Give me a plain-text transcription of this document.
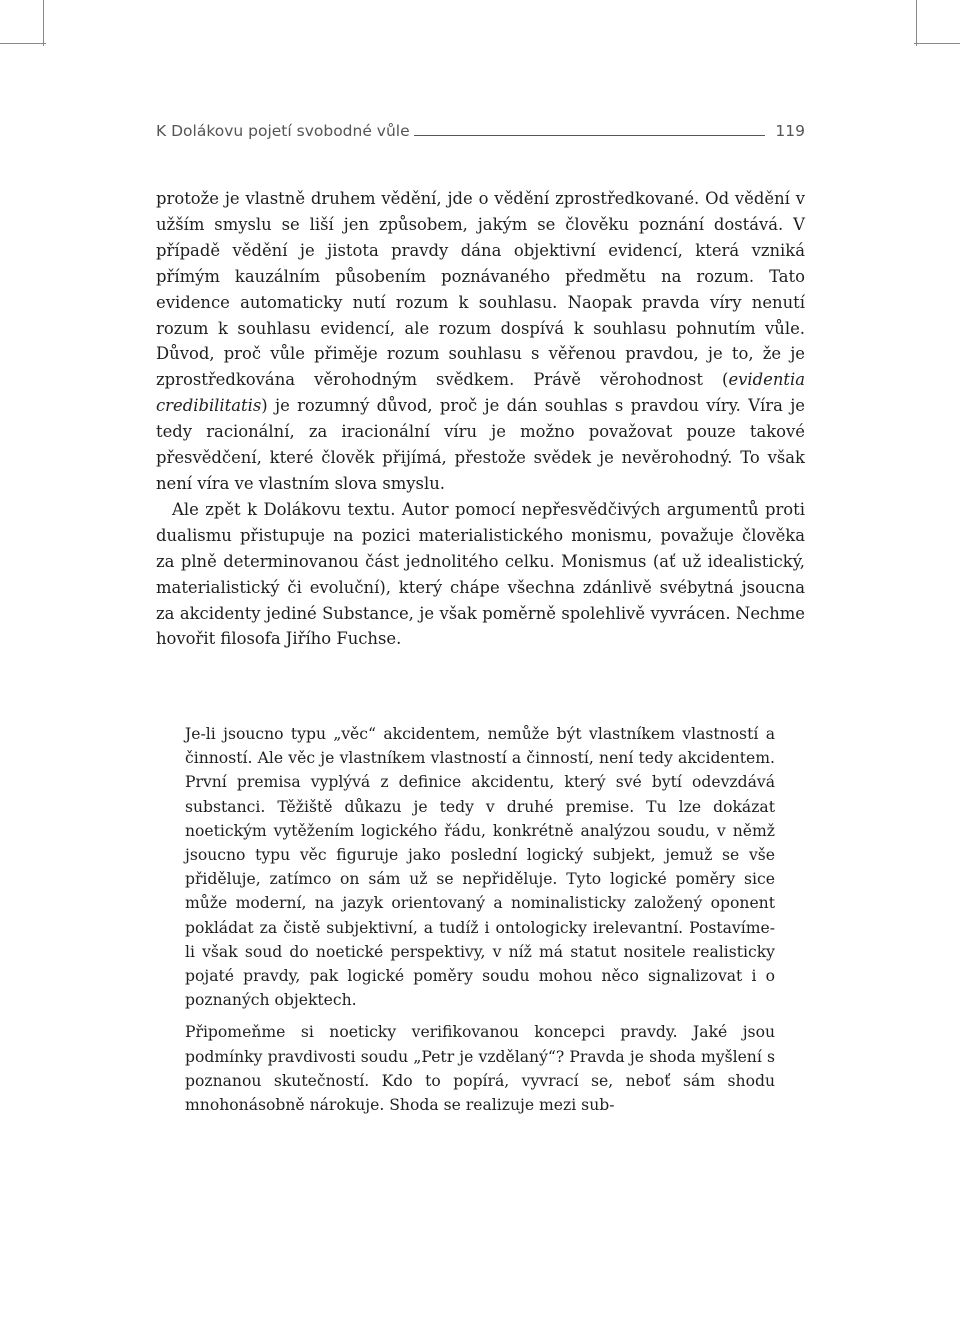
K Dolákovu pojetí svobodné vůle	119

protože je vlastně druhem vědění, jde o vědění zprostředkované. Od vědění v užším smyslu se liší jen způsobem, jakým se člověku poznání dostává. V případě vědění je jistota pravdy dána objektivní evidencí, která vzniká přímým kauzálním působením poznávaného předmětu na rozum. Tato evidence automaticky nutí rozum k souhlasu. Naopak pravda víry nenutí rozum k souhlasu evidencí, ale rozum dospívá k souhlasu pohnutím vůle. Důvod, proč vůle přiměje rozum souhlasu s věřenou pravdou, je to, že je zprostředkována věrohodným svědkem. Právě věrohodnost (evidentia credibilitatis) je rozumný důvod, proč je dán souhlas s pravdou víry. Víra je tedy racionální, za iracionální víru je možno považovat pouze takové přesvědčení, které člověk přijímá, přestože svědek je nevěrohodný. To však není víra ve vlastním slova smyslu.

Ale zpět k Dolákovu textu. Autor pomocí nepřesvědčivých argumentů proti dualismu přistupuje na pozici materialistického monismu, považuje člověka za plně determinovanou část jednolitého celku. Monismus (ať už idealistický, materialistický či evoluční), který chápe všechna zdánlivě svébytná jsoucna za akcidenty jediné Substance, je však poměrně spolehlivě vyvrácen. Nechme hovořit filosofa Jiřího Fuchse.

Je-li jsoucno typu „věc“ akcidentem, nemůže být vlastníkem vlastností a činností. Ale věc je vlastníkem vlastností a činností, není tedy akcidentem. První premisa vyplývá z definice akcidentu, který své bytí odevzdává substanci. Těžiště důkazu je tedy v druhé premise. Tu lze dokázat noetickým vytěžením logického řádu, konkrétně analýzou soudu, v němž jsoucno typu věc figuruje jako poslední logický subjekt, jemuž se vše přiděluje, zatímco on sám už se nepřiděluje. Tyto logické poměry sice může moderní, na jazyk orientovaný a nominalisticky založený oponent pokládat za čistě subjektivní, a tudíž i ontologicky irelevantní. Postavíme-li však soud do noetické perspektivy, v níž má statut nositele realisticky pojaté pravdy, pak logické poměry soudu mohou něco signalizovat i o poznaných objektech.

Připomeňme si noeticky verifikovanou koncepci pravdy. Jaké jsou podmínky pravdivosti soudu „Petr je vzdělaný“? Pravda je shoda myšlení s poznanou skutečností. Kdo to popírá, vyvrací se, neboť sám shodu mnohonásobně nárokuje. Shoda se realizuje mezi sub-
